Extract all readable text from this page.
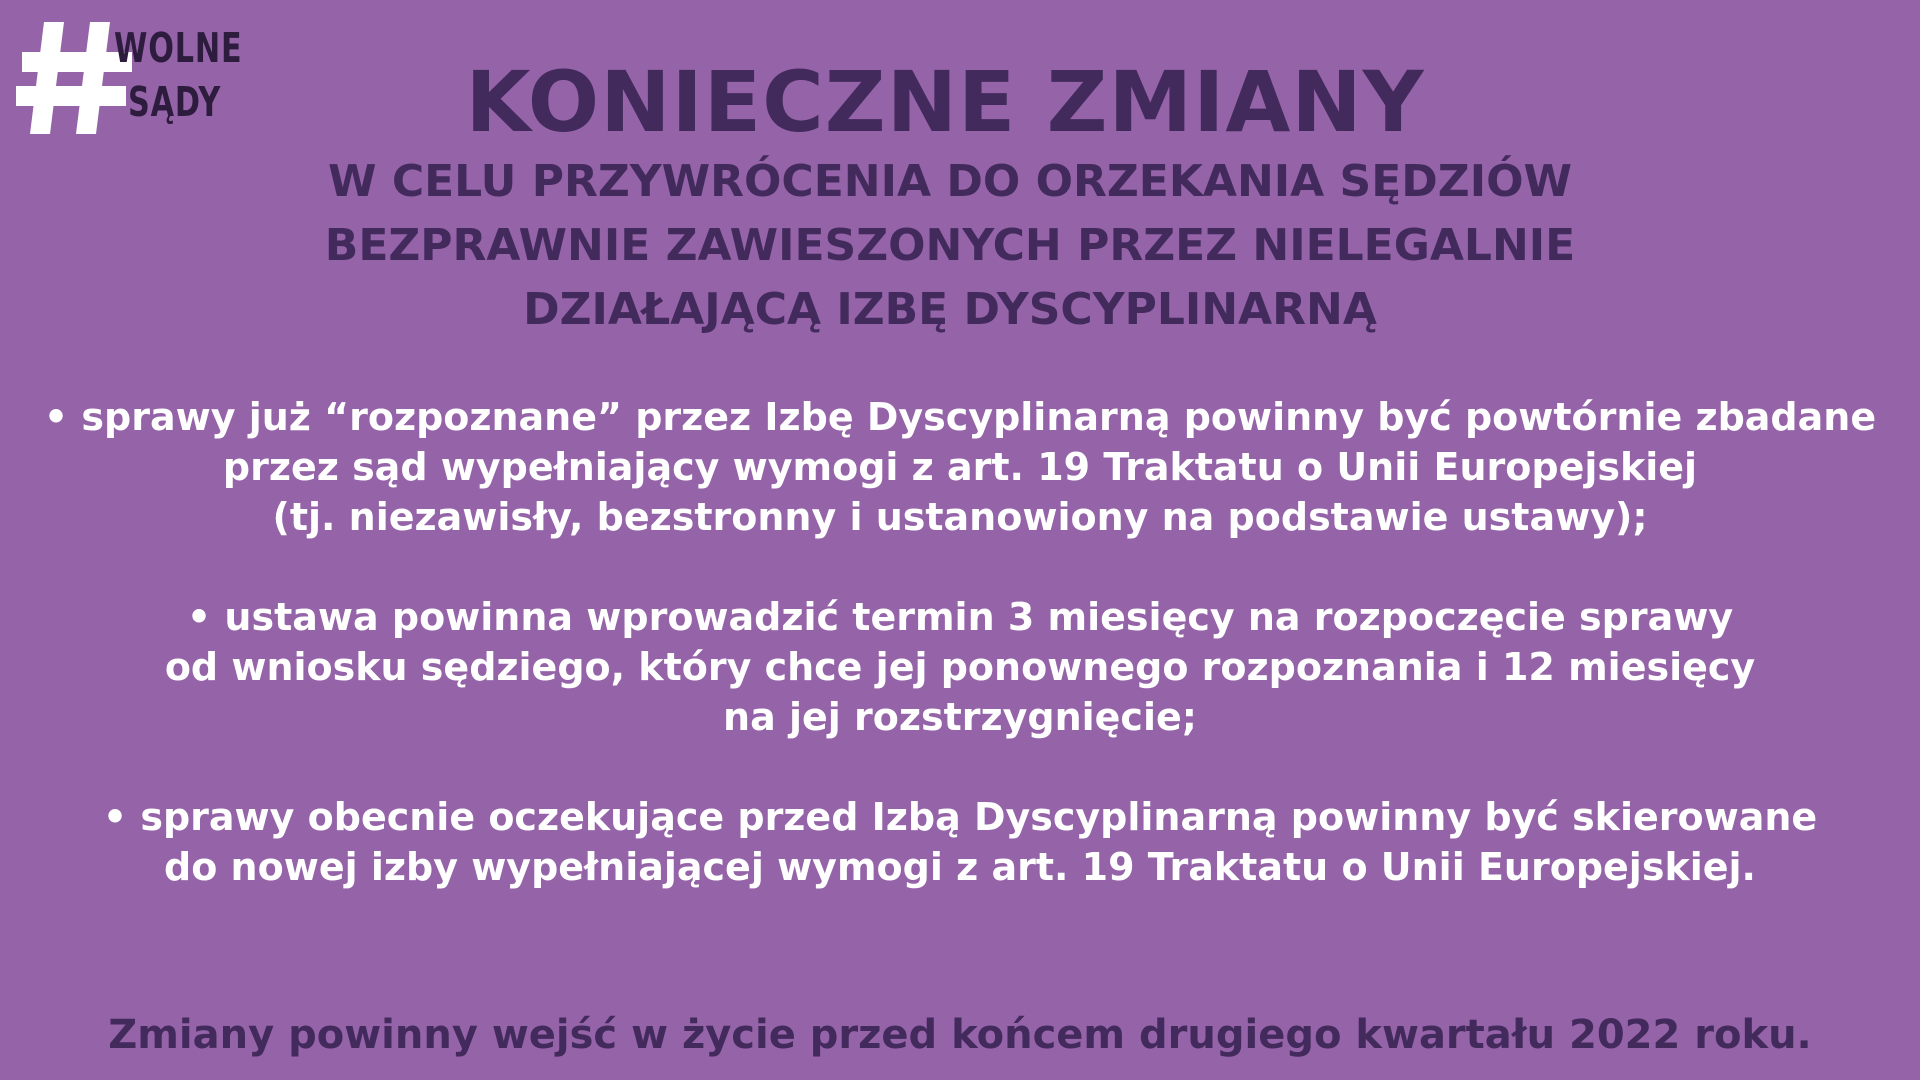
WOLNE
SĄDY	KONIECZNE ZMIANY
W CELU PRZYWRÓCENIA DO ORZEKANIA SĘDZIÓW
BEZPRAWNIE ZAWIESZONYCH PRZEZ NIELEGALNIE
DZIAŁAJĄCĄ IZBĘ DYSCYPLINARNĄ
• sprawy już “rozpoznane” przez Izbę Dyscyplinarną powinny być powtórnie zbadane
przez sąd wypełniający wymogi z art. 19 Traktatu o Unii Europejskiej
(tj. niezawisły, bezstronny i ustanowiony na podstawie ustawy);
• ustawa powinna wprowadzić termin 3 miesięcy na rozpoczęcie sprawy
od wniosku sędziego, który chce jej ponownego rozpoznania i 12 miesięcy
na jej rozstrzygnięcie;
• sprawy obecnie oczekujące przed Izbą Dyscyplinarną powinny być skierowane
do nowej izby wypełniającej wymogi z art. 19 Traktatu o Unii Europejskiej.
Zmiany powinny wejść w życie przed końcem drugiego kwartału 2022 roku.
